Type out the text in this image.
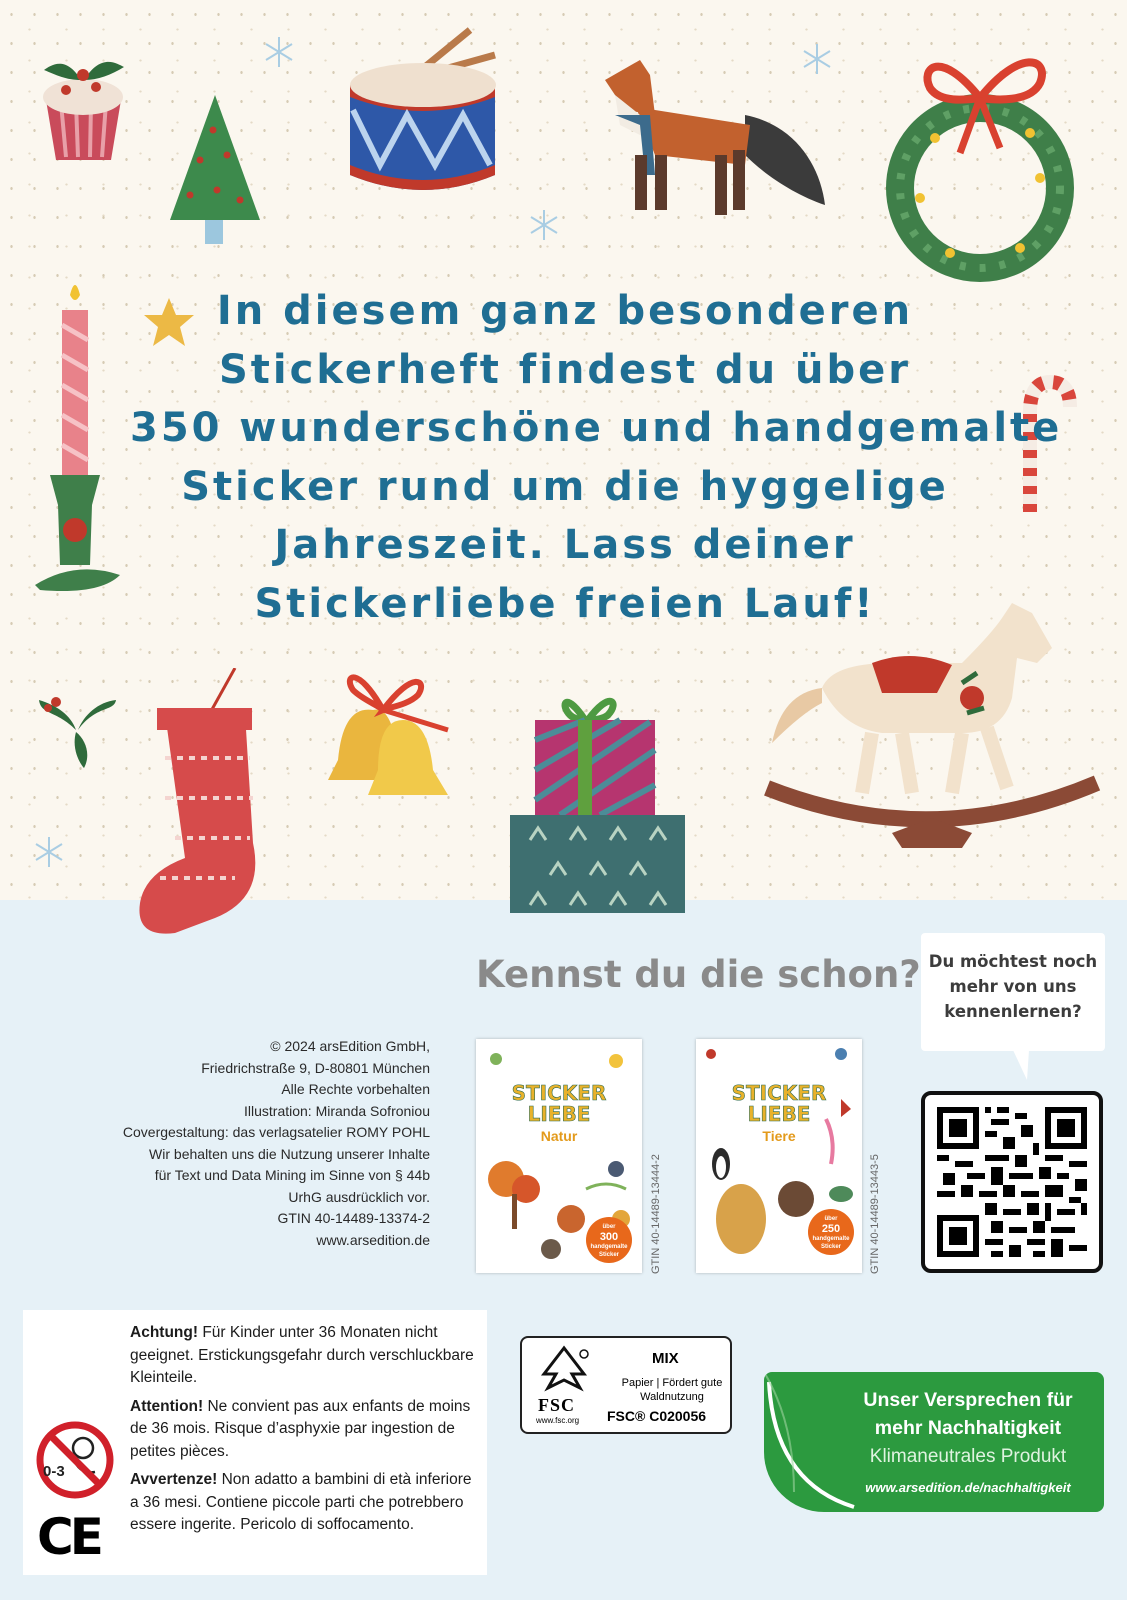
In diesem ganz besonderen
Stickerheft findest du über
350 wunderschöne und handgemalte
Sticker rund um die hyggelige
Jahreszeit. Lass deiner
Stickerliebe freien Lauf!
Kennst du die schon? Du möchtest noch
mehr von uns
kennenlernen?
© 2024 arsEdition GmbH,
Friedrichstraße 9, D-80801 München
Alle Rechte vorbehalten
Illustration: Miranda Sofroniou
Covergestaltung: das verlagsatelier ROMY POHL
Wir behalten uns die Nutzung unserer Inhalte
für Text und Data Mining im Sinne von § 44b
UrhG ausdrücklich vor.
GTIN 40-14489-13374-2
www.arsedition.de
STICKER
LIEBE
Natur
über
300
handgemalte Sticker	GTIN 40-14489-13444-2
STICKER
LIEBE
Tiere
über
250
handgemalte Sticker	GTIN 40-14489-13443-5

Achtung! Für Kinder unter 36 Monaten nicht geeignet. Erstickungsgefahr durch verschluckbare Kleinteile.

Attention! Ne convient pas aux enfants de moins de 36 mois. Risque d’asphyxie par ingestion de petites pièces.

Avvertenze! Non adatto a bambini di età inferiore a 36 mesi. Contiene piccole parti che potrebbero essere ingerite. Pericolo di soffocamento.

0-3
CE
FSC
www.fsc.org
MIX
Papier | Fördert gute Waldnutzung
FSC® C020056
Unser Versprechen für
mehr Nachhaltigkeit
Klimaneutrales Produkt
www.arsedition.de/nachhaltigkeit
